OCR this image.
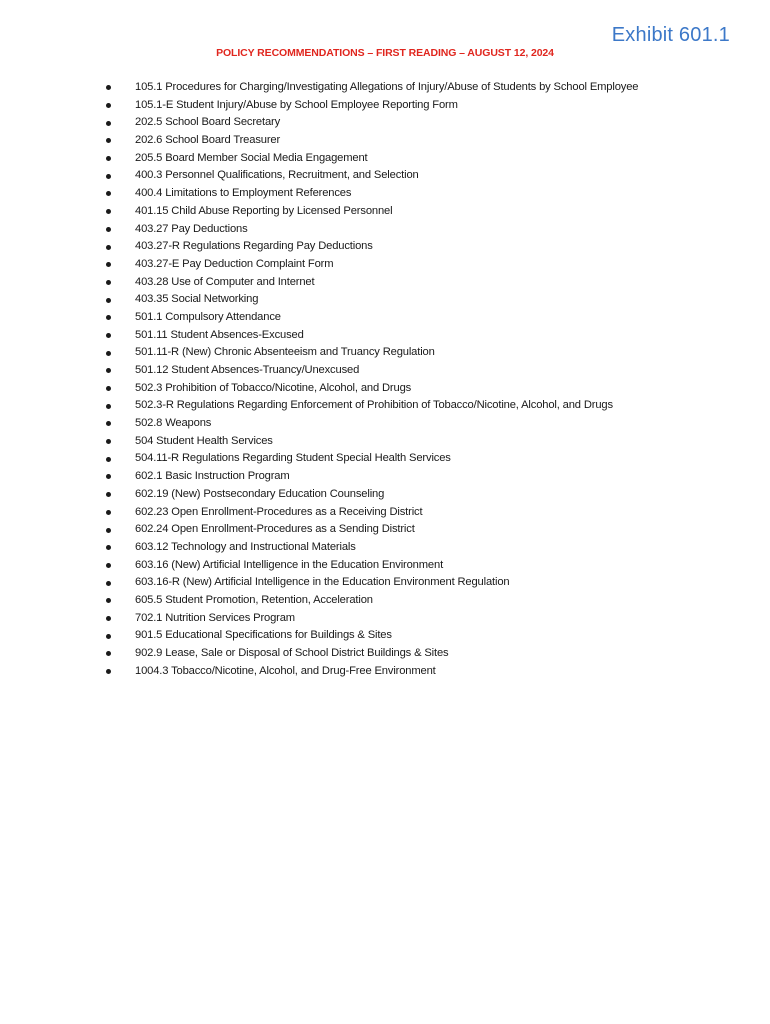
Exhibit 601.1
POLICY RECOMMENDATIONS – FIRST READING – AUGUST 12, 2024
105.1 Procedures for Charging/Investigating Allegations of Injury/Abuse of Students by School Employee
105.1-E Student Injury/Abuse by School Employee Reporting Form
202.5 School Board Secretary
202.6 School Board Treasurer
205.5 Board Member Social Media Engagement
400.3 Personnel Qualifications, Recruitment, and Selection
400.4 Limitations to Employment References
401.15 Child Abuse Reporting by Licensed Personnel
403.27 Pay Deductions
403.27-R Regulations Regarding Pay Deductions
403.27-E Pay Deduction Complaint Form
403.28 Use of Computer and Internet
403.35 Social Networking
501.1 Compulsory Attendance
501.11 Student Absences-Excused
501.11-R (New) Chronic Absenteeism and Truancy Regulation
501.12 Student Absences-Truancy/Unexcused
502.3 Prohibition of Tobacco/Nicotine, Alcohol, and Drugs
502.3-R Regulations Regarding Enforcement of Prohibition of Tobacco/Nicotine, Alcohol, and Drugs
502.8 Weapons
504 Student Health Services
504.11-R Regulations Regarding Student Special Health Services
602.1 Basic Instruction Program
602.19 (New) Postsecondary Education Counseling
602.23 Open Enrollment-Procedures as a Receiving District
602.24 Open Enrollment-Procedures as a Sending District
603.12 Technology and Instructional Materials
603.16 (New) Artificial Intelligence in the Education Environment
603.16-R (New) Artificial Intelligence in the Education Environment Regulation
605.5 Student Promotion, Retention, Acceleration
702.1 Nutrition Services Program
901.5 Educational Specifications for Buildings & Sites
902.9 Lease, Sale or Disposal of School District Buildings & Sites
1004.3 Tobacco/Nicotine, Alcohol, and Drug-Free Environment
